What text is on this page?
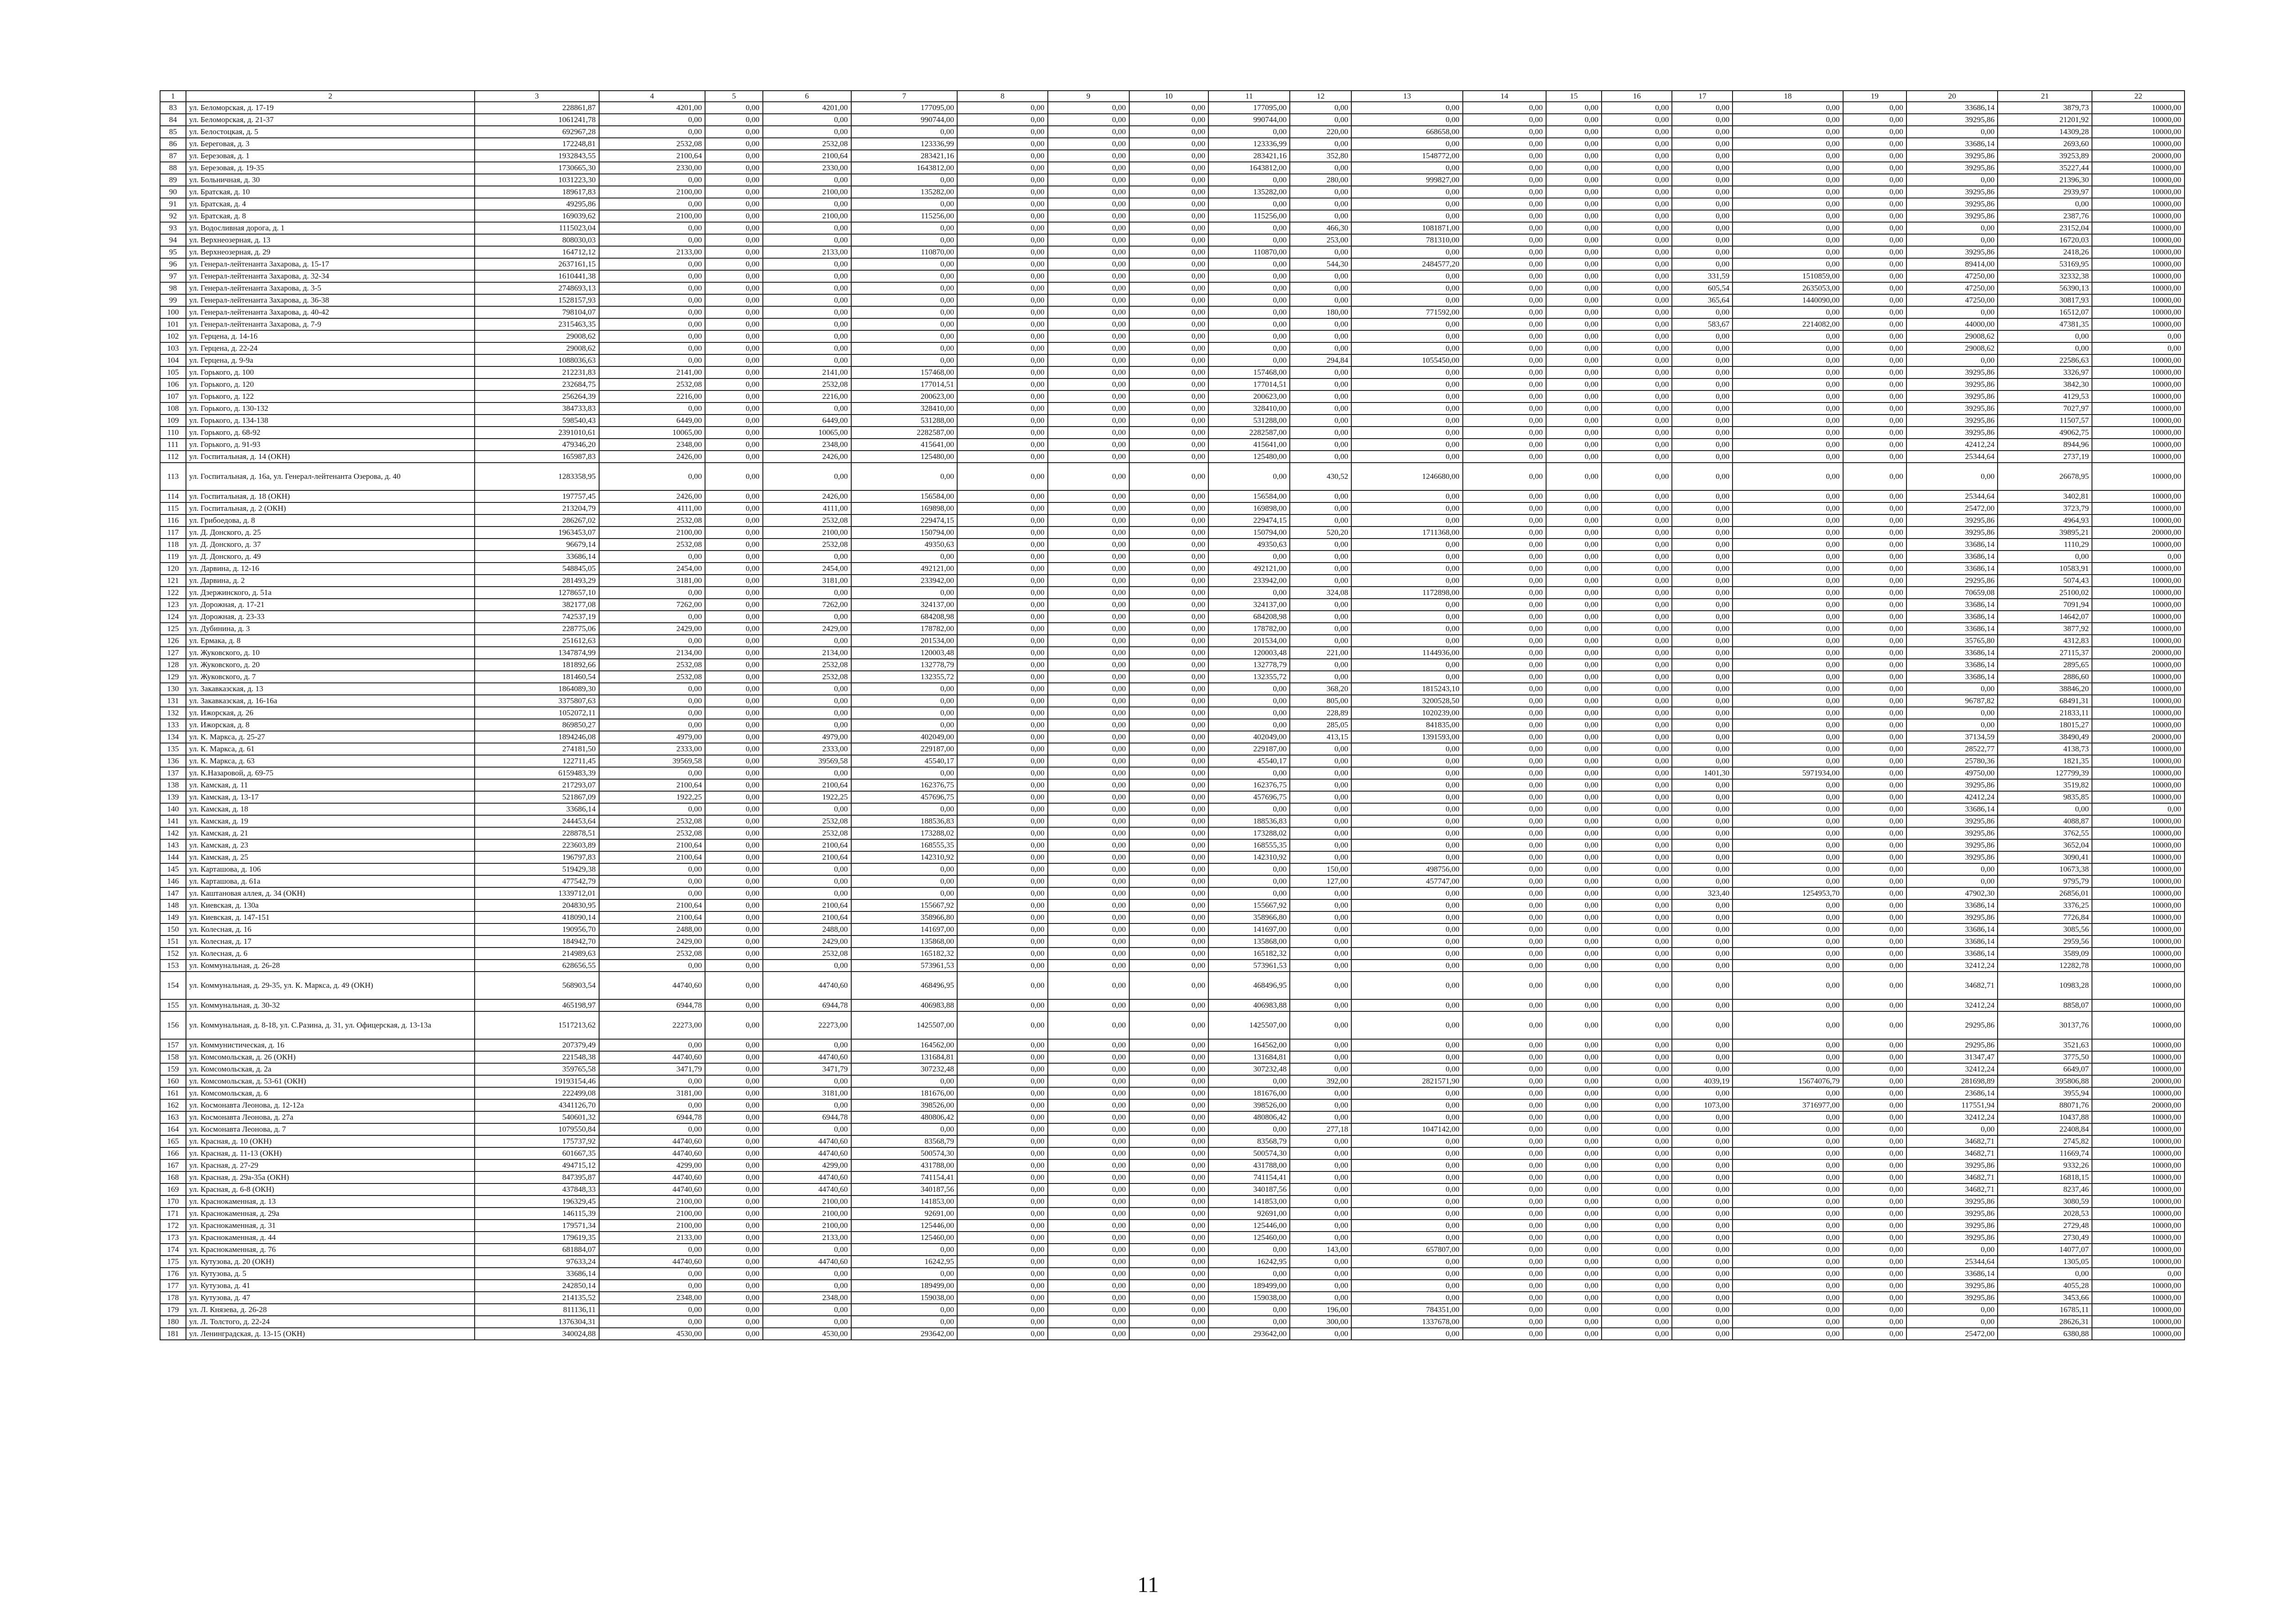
1	2	3	4	5	6	7	8	9	10	11	12	13	14	15	16	17	18	19	20	21	22
83	ул. Беломорская, д. 17-19	228861,87	4201,00	0,00	4201,00	177095,00	0,00	0,00	0,00	177095,00	0,00	0,00	0,00	0,00	0,00	0,00	0,00	0,00	33686,14	3879,73	10000,00
84	ул. Беломорская, д. 21-37	1061241,78	0,00	0,00	0,00	990744,00	0,00	0,00	0,00	990744,00	0,00	0,00	0,00	0,00	0,00	0,00	0,00	0,00	39295,86	21201,92	10000,00
85	ул. Белостоцкая, д. 5	692967,28	0,00	0,00	0,00	0,00	0,00	0,00	0,00	0,00	220,00	668658,00	0,00	0,00	0,00	0,00	0,00	0,00	0,00	14309,28	10000,00
86	ул. Береговая, д. 3	172248,81	2532,08	0,00	2532,08	123336,99	0,00	0,00	0,00	123336,99	0,00	0,00	0,00	0,00	0,00	0,00	0,00	0,00	33686,14	2693,60	10000,00
87	ул. Березовая, д. 1	1932843,55	2100,64	0,00	2100,64	283421,16	0,00	0,00	0,00	283421,16	352,80	1548772,00	0,00	0,00	0,00	0,00	0,00	0,00	39295,86	39253,89	20000,00
88	ул. Березовая, д. 19-35	1730665,30	2330,00	0,00	2330,00	1643812,00	0,00	0,00	0,00	1643812,00	0,00	0,00	0,00	0,00	0,00	0,00	0,00	0,00	39295,86	35227,44	10000,00
89	ул. Больничная, д. 30	1031223,30	0,00	0,00	0,00	0,00	0,00	0,00	0,00	0,00	280,00	999827,00	0,00	0,00	0,00	0,00	0,00	0,00	0,00	21396,30	10000,00
90	ул. Братская, д. 10	189617,83	2100,00	0,00	2100,00	135282,00	0,00	0,00	0,00	135282,00	0,00	0,00	0,00	0,00	0,00	0,00	0,00	0,00	39295,86	2939,97	10000,00
91	ул. Братская, д. 4	49295,86	0,00	0,00	0,00	0,00	0,00	0,00	0,00	0,00	0,00	0,00	0,00	0,00	0,00	0,00	0,00	0,00	39295,86	0,00	10000,00
92	ул. Братская, д. 8	169039,62	2100,00	0,00	2100,00	115256,00	0,00	0,00	0,00	115256,00	0,00	0,00	0,00	0,00	0,00	0,00	0,00	0,00	39295,86	2387,76	10000,00
93	ул. Водосливная дорога, д. 1	1115023,04	0,00	0,00	0,00	0,00	0,00	0,00	0,00	0,00	466,30	1081871,00	0,00	0,00	0,00	0,00	0,00	0,00	0,00	23152,04	10000,00
94	ул. Верхнеозерная, д. 13	808030,03	0,00	0,00	0,00	0,00	0,00	0,00	0,00	0,00	253,00	781310,00	0,00	0,00	0,00	0,00	0,00	0,00	0,00	16720,03	10000,00
95	ул. Верхнеозерная, д. 29	164712,12	2133,00	0,00	2133,00	110870,00	0,00	0,00	0,00	110870,00	0,00	0,00	0,00	0,00	0,00	0,00	0,00	0,00	39295,86	2418,26	10000,00
96	ул. Генерал-лейтенанта Захарова, д. 15-17	2637161,15	0,00	0,00	0,00	0,00	0,00	0,00	0,00	0,00	544,30	2484577,20	0,00	0,00	0,00	0,00	0,00	0,00	89414,00	53169,95	10000,00
97	ул. Генерал-лейтенанта Захарова, д. 32-34	1610441,38	0,00	0,00	0,00	0,00	0,00	0,00	0,00	0,00	0,00	0,00	0,00	0,00	0,00	331,59	1510859,00	0,00	47250,00	32332,38	10000,00
98	ул. Генерал-лейтенанта Захарова, д. 3-5	2748693,13	0,00	0,00	0,00	0,00	0,00	0,00	0,00	0,00	0,00	0,00	0,00	0,00	0,00	605,54	2635053,00	0,00	47250,00	56390,13	10000,00
99	ул. Генерал-лейтенанта Захарова, д. 36-38	1528157,93	0,00	0,00	0,00	0,00	0,00	0,00	0,00	0,00	0,00	0,00	0,00	0,00	0,00	365,64	1440090,00	0,00	47250,00	30817,93	10000,00
100	ул. Генерал-лейтенанта Захарова, д. 40-42	798104,07	0,00	0,00	0,00	0,00	0,00	0,00	0,00	0,00	180,00	771592,00	0,00	0,00	0,00	0,00	0,00	0,00	0,00	16512,07	10000,00
101	ул. Генерал-лейтенанта Захарова, д. 7-9	2315463,35	0,00	0,00	0,00	0,00	0,00	0,00	0,00	0,00	0,00	0,00	0,00	0,00	0,00	583,67	2214082,00	0,00	44000,00	47381,35	10000,00
102	ул. Герцена, д. 14-16	29008,62	0,00	0,00	0,00	0,00	0,00	0,00	0,00	0,00	0,00	0,00	0,00	0,00	0,00	0,00	0,00	0,00	29008,62	0,00	0,00
103	ул. Герцена, д. 22-24	29008,62	0,00	0,00	0,00	0,00	0,00	0,00	0,00	0,00	0,00	0,00	0,00	0,00	0,00	0,00	0,00	0,00	29008,62	0,00	0,00
104	ул. Герцена, д. 9-9а	1088036,63	0,00	0,00	0,00	0,00	0,00	0,00	0,00	0,00	294,84	1055450,00	0,00	0,00	0,00	0,00	0,00	0,00	0,00	22586,63	10000,00
105	ул. Горького, д. 100	212231,83	2141,00	0,00	2141,00	157468,00	0,00	0,00	0,00	157468,00	0,00	0,00	0,00	0,00	0,00	0,00	0,00	0,00	39295,86	3326,97	10000,00
106	ул. Горького, д. 120	232684,75	2532,08	0,00	2532,08	177014,51	0,00	0,00	0,00	177014,51	0,00	0,00	0,00	0,00	0,00	0,00	0,00	0,00	39295,86	3842,30	10000,00
107	ул. Горького, д. 122	256264,39	2216,00	0,00	2216,00	200623,00	0,00	0,00	0,00	200623,00	0,00	0,00	0,00	0,00	0,00	0,00	0,00	0,00	39295,86	4129,53	10000,00
108	ул. Горького, д. 130-132	384733,83	0,00	0,00	0,00	328410,00	0,00	0,00	0,00	328410,00	0,00	0,00	0,00	0,00	0,00	0,00	0,00	0,00	39295,86	7027,97	10000,00
109	ул. Горького, д. 134-138	598540,43	6449,00	0,00	6449,00	531288,00	0,00	0,00	0,00	531288,00	0,00	0,00	0,00	0,00	0,00	0,00	0,00	0,00	39295,86	11507,57	10000,00
110	ул. Горького, д. 68-92	2391010,61	10065,00	0,00	10065,00	2282587,00	0,00	0,00	0,00	2282587,00	0,00	0,00	0,00	0,00	0,00	0,00	0,00	0,00	39295,86	49062,75	10000,00
111	ул. Горького, д. 91-93	479346,20	2348,00	0,00	2348,00	415641,00	0,00	0,00	0,00	415641,00	0,00	0,00	0,00	0,00	0,00	0,00	0,00	0,00	42412,24	8944,96	10000,00
112	ул. Госпитальная, д. 14 (ОКН)	165987,83	2426,00	0,00	2426,00	125480,00	0,00	0,00	0,00	125480,00	0,00	0,00	0,00	0,00	0,00	0,00	0,00	0,00	25344,64	2737,19	10000,00
113	ул. Госпитальная, д. 16а, ул. Генерал-лейтенанта Озерова, д. 40	1283358,95	0,00	0,00	0,00	0,00	0,00	0,00	0,00	0,00	430,52	1246680,00	0,00	0,00	0,00	0,00	0,00	0,00	0,00	26678,95	10000,00
114	ул. Госпитальная, д. 18 (ОКН)	197757,45	2426,00	0,00	2426,00	156584,00	0,00	0,00	0,00	156584,00	0,00	0,00	0,00	0,00	0,00	0,00	0,00	0,00	25344,64	3402,81	10000,00
115	ул. Госпитальная, д. 2 (ОКН)	213204,79	4111,00	0,00	4111,00	169898,00	0,00	0,00	0,00	169898,00	0,00	0,00	0,00	0,00	0,00	0,00	0,00	0,00	25472,00	3723,79	10000,00
116	ул. Грибоедова, д. 8	286267,02	2532,08	0,00	2532,08	229474,15	0,00	0,00	0,00	229474,15	0,00	0,00	0,00	0,00	0,00	0,00	0,00	0,00	39295,86	4964,93	10000,00
117	ул. Д. Донского, д. 25	1963453,07	2100,00	0,00	2100,00	150794,00	0,00	0,00	0,00	150794,00	520,20	1711368,00	0,00	0,00	0,00	0,00	0,00	0,00	39295,86	39895,21	20000,00
118	ул. Д. Донского, д. 37	96679,14	2532,08	0,00	2532,08	49350,63	0,00	0,00	0,00	49350,63	0,00	0,00	0,00	0,00	0,00	0,00	0,00	0,00	33686,14	1110,29	10000,00
119	ул. Д. Донского, д. 49	33686,14	0,00	0,00	0,00	0,00	0,00	0,00	0,00	0,00	0,00	0,00	0,00	0,00	0,00	0,00	0,00	0,00	33686,14	0,00	0,00
120	ул. Дарвина, д. 12-16	548845,05	2454,00	0,00	2454,00	492121,00	0,00	0,00	0,00	492121,00	0,00	0,00	0,00	0,00	0,00	0,00	0,00	0,00	33686,14	10583,91	10000,00
121	ул. Дарвина, д. 2	281493,29	3181,00	0,00	3181,00	233942,00	0,00	0,00	0,00	233942,00	0,00	0,00	0,00	0,00	0,00	0,00	0,00	0,00	29295,86	5074,43	10000,00
122	ул. Дзержинского, д. 51а	1278657,10	0,00	0,00	0,00	0,00	0,00	0,00	0,00	0,00	324,08	1172898,00	0,00	0,00	0,00	0,00	0,00	0,00	70659,08	25100,02	10000,00
123	ул. Дорожная, д. 17-21	382177,08	7262,00	0,00	7262,00	324137,00	0,00	0,00	0,00	324137,00	0,00	0,00	0,00	0,00	0,00	0,00	0,00	0,00	33686,14	7091,94	10000,00
124	ул. Дорожная, д. 23-33	742537,19	0,00	0,00	0,00	684208,98	0,00	0,00	0,00	684208,98	0,00	0,00	0,00	0,00	0,00	0,00	0,00	0,00	33686,14	14642,07	10000,00
125	ул. Дубинина, д. 3	228775,06	2429,00	0,00	2429,00	178782,00	0,00	0,00	0,00	178782,00	0,00	0,00	0,00	0,00	0,00	0,00	0,00	0,00	33686,14	3877,92	10000,00
126	ул. Ермака, д. 8	251612,63	0,00	0,00	0,00	201534,00	0,00	0,00	0,00	201534,00	0,00	0,00	0,00	0,00	0,00	0,00	0,00	0,00	35765,80	4312,83	10000,00
127	ул. Жуковского, д. 10	1347874,99	2134,00	0,00	2134,00	120003,48	0,00	0,00	0,00	120003,48	221,00	1144936,00	0,00	0,00	0,00	0,00	0,00	0,00	33686,14	27115,37	20000,00
128	ул. Жуковского, д. 20	181892,66	2532,08	0,00	2532,08	132778,79	0,00	0,00	0,00	132778,79	0,00	0,00	0,00	0,00	0,00	0,00	0,00	0,00	33686,14	2895,65	10000,00
129	ул. Жуковского, д. 7	181460,54	2532,08	0,00	2532,08	132355,72	0,00	0,00	0,00	132355,72	0,00	0,00	0,00	0,00	0,00	0,00	0,00	0,00	33686,14	2886,60	10000,00
130	ул. Закавказская, д. 13	1864089,30	0,00	0,00	0,00	0,00	0,00	0,00	0,00	0,00	368,20	1815243,10	0,00	0,00	0,00	0,00	0,00	0,00	0,00	38846,20	10000,00
131	ул. Закавказская, д. 16-16а	3375807,63	0,00	0,00	0,00	0,00	0,00	0,00	0,00	0,00	805,00	3200528,50	0,00	0,00	0,00	0,00	0,00	0,00	96787,82	68491,31	10000,00
132	ул. Ижорская, д. 26	1052072,11	0,00	0,00	0,00	0,00	0,00	0,00	0,00	0,00	228,89	1020239,00	0,00	0,00	0,00	0,00	0,00	0,00	0,00	21833,11	10000,00
133	ул. Ижорская, д. 8	869850,27	0,00	0,00	0,00	0,00	0,00	0,00	0,00	0,00	285,05	841835,00	0,00	0,00	0,00	0,00	0,00	0,00	0,00	18015,27	10000,00
134	ул. К. Маркса, д. 25-27	1894246,08	4979,00	0,00	4979,00	402049,00	0,00	0,00	0,00	402049,00	413,15	1391593,00	0,00	0,00	0,00	0,00	0,00	0,00	37134,59	38490,49	20000,00
135	ул. К. Маркса, д. 61	274181,50	2333,00	0,00	2333,00	229187,00	0,00	0,00	0,00	229187,00	0,00	0,00	0,00	0,00	0,00	0,00	0,00	0,00	28522,77	4138,73	10000,00
136	ул. К. Маркса, д. 63	122711,45	39569,58	0,00	39569,58	45540,17	0,00	0,00	0,00	45540,17	0,00	0,00	0,00	0,00	0,00	0,00	0,00	0,00	25780,36	1821,35	10000,00
137	ул. К.Назаровой, д. 69-75	6159483,39	0,00	0,00	0,00	0,00	0,00	0,00	0,00	0,00	0,00	0,00	0,00	0,00	0,00	1401,30	5971934,00	0,00	49750,00	127799,39	10000,00
138	ул. Камская, д. 11	217293,07	2100,64	0,00	2100,64	162376,75	0,00	0,00	0,00	162376,75	0,00	0,00	0,00	0,00	0,00	0,00	0,00	0,00	39295,86	3519,82	10000,00
139	ул. Камская, д. 13-17	521867,09	1922,25	0,00	1922,25	457696,75	0,00	0,00	0,00	457696,75	0,00	0,00	0,00	0,00	0,00	0,00	0,00	0,00	42412,24	9835,85	10000,00
140	ул. Камская, д. 18	33686,14	0,00	0,00	0,00	0,00	0,00	0,00	0,00	0,00	0,00	0,00	0,00	0,00	0,00	0,00	0,00	0,00	33686,14	0,00	0,00
141	ул. Камская, д. 19	244453,64	2532,08	0,00	2532,08	188536,83	0,00	0,00	0,00	188536,83	0,00	0,00	0,00	0,00	0,00	0,00	0,00	0,00	39295,86	4088,87	10000,00
142	ул. Камская, д. 21	228878,51	2532,08	0,00	2532,08	173288,02	0,00	0,00	0,00	173288,02	0,00	0,00	0,00	0,00	0,00	0,00	0,00	0,00	39295,86	3762,55	10000,00
143	ул. Камская, д. 23	223603,89	2100,64	0,00	2100,64	168555,35	0,00	0,00	0,00	168555,35	0,00	0,00	0,00	0,00	0,00	0,00	0,00	0,00	39295,86	3652,04	10000,00
144	ул. Камская, д. 25	196797,83	2100,64	0,00	2100,64	142310,92	0,00	0,00	0,00	142310,92	0,00	0,00	0,00	0,00	0,00	0,00	0,00	0,00	39295,86	3090,41	10000,00
145	ул. Карташова, д. 106	519429,38	0,00	0,00	0,00	0,00	0,00	0,00	0,00	0,00	150,00	498756,00	0,00	0,00	0,00	0,00	0,00	0,00	0,00	10673,38	10000,00
146	ул. Карташова, д. 61а	477542,79	0,00	0,00	0,00	0,00	0,00	0,00	0,00	0,00	127,00	457747,00	0,00	0,00	0,00	0,00	0,00	0,00	0,00	9795,79	10000,00
147	ул. Каштановая аллея, д. 34 (ОКН)	1339712,01	0,00	0,00	0,00	0,00	0,00	0,00	0,00	0,00	0,00	0,00	0,00	0,00	0,00	323,40	1254953,70	0,00	47902,30	26856,01	10000,00
148	ул. Киевская, д. 130а	204830,95	2100,64	0,00	2100,64	155667,92	0,00	0,00	0,00	155667,92	0,00	0,00	0,00	0,00	0,00	0,00	0,00	0,00	33686,14	3376,25	10000,00
149	ул. Киевская, д. 147-151	418090,14	2100,64	0,00	2100,64	358966,80	0,00	0,00	0,00	358966,80	0,00	0,00	0,00	0,00	0,00	0,00	0,00	0,00	39295,86	7726,84	10000,00
150	ул. Колесная, д. 16	190956,70	2488,00	0,00	2488,00	141697,00	0,00	0,00	0,00	141697,00	0,00	0,00	0,00	0,00	0,00	0,00	0,00	0,00	33686,14	3085,56	10000,00
151	ул. Колесная, д. 17	184942,70	2429,00	0,00	2429,00	135868,00	0,00	0,00	0,00	135868,00	0,00	0,00	0,00	0,00	0,00	0,00	0,00	0,00	33686,14	2959,56	10000,00
152	ул. Колесная, д. 6	214989,63	2532,08	0,00	2532,08	165182,32	0,00	0,00	0,00	165182,32	0,00	0,00	0,00	0,00	0,00	0,00	0,00	0,00	33686,14	3589,09	10000,00
153	ул. Коммунальная, д. 26-28	628656,55	0,00	0,00	0,00	573961,53	0,00	0,00	0,00	573961,53	0,00	0,00	0,00	0,00	0,00	0,00	0,00	0,00	32412,24	12282,78	10000,00
154	ул. Коммунальная, д. 29-35, ул. К. Маркса, д. 49 (ОКН)	568903,54	44740,60	0,00	44740,60	468496,95	0,00	0,00	0,00	468496,95	0,00	0,00	0,00	0,00	0,00	0,00	0,00	0,00	34682,71	10983,28	10000,00
155	ул. Коммунальная, д. 30-32	465198,97	6944,78	0,00	6944,78	406983,88	0,00	0,00	0,00	406983,88	0,00	0,00	0,00	0,00	0,00	0,00	0,00	0,00	32412,24	8858,07	10000,00
156	ул. Коммунальная, д. 8-18, ул. С.Разина, д. 31, ул. Офицерская, д. 13-13а	1517213,62	22273,00	0,00	22273,00	1425507,00	0,00	0,00	0,00	1425507,00	0,00	0,00	0,00	0,00	0,00	0,00	0,00	0,00	29295,86	30137,76	10000,00
157	ул. Коммунистическая, д. 16	207379,49	0,00	0,00	0,00	164562,00	0,00	0,00	0,00	164562,00	0,00	0,00	0,00	0,00	0,00	0,00	0,00	0,00	29295,86	3521,63	10000,00
158	ул. Комсомольская, д. 26 (ОКН)	221548,38	44740,60	0,00	44740,60	131684,81	0,00	0,00	0,00	131684,81	0,00	0,00	0,00	0,00	0,00	0,00	0,00	0,00	31347,47	3775,50	10000,00
159	ул. Комсомольская, д. 2а	359765,58	3471,79	0,00	3471,79	307232,48	0,00	0,00	0,00	307232,48	0,00	0,00	0,00	0,00	0,00	0,00	0,00	0,00	32412,24	6649,07	10000,00
160	ул. Комсомольская, д. 53-61 (ОКН)	19193154,46	0,00	0,00	0,00	0,00	0,00	0,00	0,00	0,00	392,00	2821571,90	0,00	0,00	0,00	4039,19	15674076,79	0,00	281698,89	395806,88	20000,00
161	ул. Комсомольская, д. 6	222499,08	3181,00	0,00	3181,00	181676,00	0,00	0,00	0,00	181676,00	0,00	0,00	0,00	0,00	0,00	0,00	0,00	0,00	23686,14	3955,94	10000,00
162	ул. Космонавта Леонова, д. 12-12а	4341126,70	0,00	0,00	0,00	398526,00	0,00	0,00	0,00	398526,00	0,00	0,00	0,00	0,00	0,00	1073,00	3716977,00	0,00	117551,94	88071,76	20000,00
163	ул. Космонавта Леонова, д. 27а	540601,32	6944,78	0,00	6944,78	480806,42	0,00	0,00	0,00	480806,42	0,00	0,00	0,00	0,00	0,00	0,00	0,00	0,00	32412,24	10437,88	10000,00
164	ул. Космонавта Леонова, д. 7	1079550,84	0,00	0,00	0,00	0,00	0,00	0,00	0,00	0,00	277,18	1047142,00	0,00	0,00	0,00	0,00	0,00	0,00	0,00	22408,84	10000,00
165	ул. Красная, д. 10 (ОКН)	175737,92	44740,60	0,00	44740,60	83568,79	0,00	0,00	0,00	83568,79	0,00	0,00	0,00	0,00	0,00	0,00	0,00	0,00	34682,71	2745,82	10000,00
166	ул. Красная, д. 11-13 (ОКН)	601667,35	44740,60	0,00	44740,60	500574,30	0,00	0,00	0,00	500574,30	0,00	0,00	0,00	0,00	0,00	0,00	0,00	0,00	34682,71	11669,74	10000,00
167	ул. Красная, д. 27-29	494715,12	4299,00	0,00	4299,00	431788,00	0,00	0,00	0,00	431788,00	0,00	0,00	0,00	0,00	0,00	0,00	0,00	0,00	39295,86	9332,26	10000,00
168	ул. Красная, д. 29а-35а (ОКН)	847395,87	44740,60	0,00	44740,60	741154,41	0,00	0,00	0,00	741154,41	0,00	0,00	0,00	0,00	0,00	0,00	0,00	0,00	34682,71	16818,15	10000,00
169	ул. Красная, д. 6-8 (ОКН)	437848,33	44740,60	0,00	44740,60	340187,56	0,00	0,00	0,00	340187,56	0,00	0,00	0,00	0,00	0,00	0,00	0,00	0,00	34682,71	8237,46	10000,00
170	ул. Краснокаменная, д. 13	196329,45	2100,00	0,00	2100,00	141853,00	0,00	0,00	0,00	141853,00	0,00	0,00	0,00	0,00	0,00	0,00	0,00	0,00	39295,86	3080,59	10000,00
171	ул. Краснокаменная, д. 29а	146115,39	2100,00	0,00	2100,00	92691,00	0,00	0,00	0,00	92691,00	0,00	0,00	0,00	0,00	0,00	0,00	0,00	0,00	39295,86	2028,53	10000,00
172	ул. Краснокаменная, д. 31	179571,34	2100,00	0,00	2100,00	125446,00	0,00	0,00	0,00	125446,00	0,00	0,00	0,00	0,00	0,00	0,00	0,00	0,00	39295,86	2729,48	10000,00
173	ул. Краснокаменная, д. 44	179619,35	2133,00	0,00	2133,00	125460,00	0,00	0,00	0,00	125460,00	0,00	0,00	0,00	0,00	0,00	0,00	0,00	0,00	39295,86	2730,49	10000,00
174	ул. Краснокаменная, д. 76	681884,07	0,00	0,00	0,00	0,00	0,00	0,00	0,00	0,00	143,00	657807,00	0,00	0,00	0,00	0,00	0,00	0,00	0,00	14077,07	10000,00
175	ул. Кутузова, д. 20 (ОКН)	97633,24	44740,60	0,00	44740,60	16242,95	0,00	0,00	0,00	16242,95	0,00	0,00	0,00	0,00	0,00	0,00	0,00	0,00	25344,64	1305,05	10000,00
176	ул. Кутузова, д. 5	33686,14	0,00	0,00	0,00	0,00	0,00	0,00	0,00	0,00	0,00	0,00	0,00	0,00	0,00	0,00	0,00	0,00	33686,14	0,00	0,00
177	ул. Кутузова, д. 41	242850,14	0,00	0,00	0,00	189499,00	0,00	0,00	0,00	189499,00	0,00	0,00	0,00	0,00	0,00	0,00	0,00	0,00	39295,86	4055,28	10000,00
178	ул. Кутузова, д. 47	214135,52	2348,00	0,00	2348,00	159038,00	0,00	0,00	0,00	159038,00	0,00	0,00	0,00	0,00	0,00	0,00	0,00	0,00	39295,86	3453,66	10000,00
179	ул. Л. Князева, д. 26-28	811136,11	0,00	0,00	0,00	0,00	0,00	0,00	0,00	0,00	196,00	784351,00	0,00	0,00	0,00	0,00	0,00	0,00	0,00	16785,11	10000,00
180	ул. Л. Толстого, д. 22-24	1376304,31	0,00	0,00	0,00	0,00	0,00	0,00	0,00	0,00	300,00	1337678,00	0,00	0,00	0,00	0,00	0,00	0,00	0,00	28626,31	10000,00
181	ул. Ленинградская, д. 13-15 (ОКН)	340024,88	4530,00	0,00	4530,00	293642,00	0,00	0,00	0,00	293642,00	0,00	0,00	0,00	0,00	0,00	0,00	0,00	0,00	25472,00	6380,88	10000,00
11
